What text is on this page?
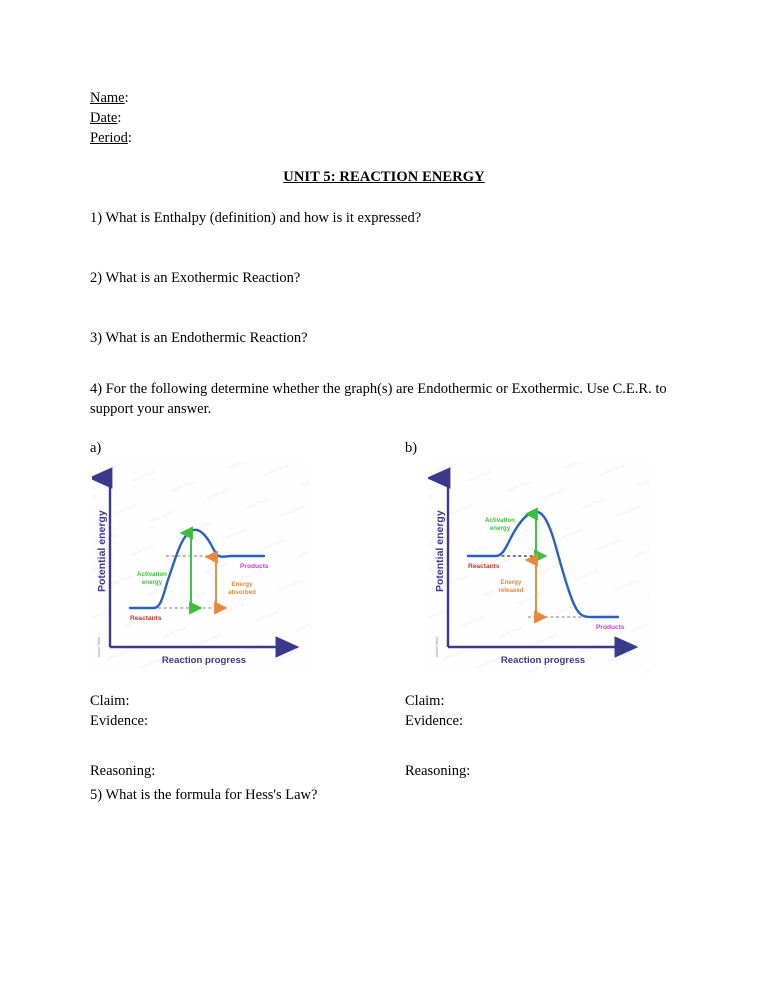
Name:
Date:
Period:
UNIT 5: REACTION ENERGY
1) What is Enthalpy (definition) and how is it expressed?
2) What is an Exothermic Reaction?
3) What is an Endothermic Reaction?
4) For the following determine whether the graph(s) are Endothermic or Exothermic. Use C.E.R. to support your answer.
a)	b)
Activation
energy	Energy
absorbed
Reactants
Products
Potential energy
Reaction progress
Adobe Stock
Activation
energy
Energy
released
Reactants
Products
Potential energy
Reaction progress
Adobe Stock
Claim:
Evidence:
Reasoning:
Claim:
Evidence:
Reasoning:
5) What is the formula for Hess's Law?
